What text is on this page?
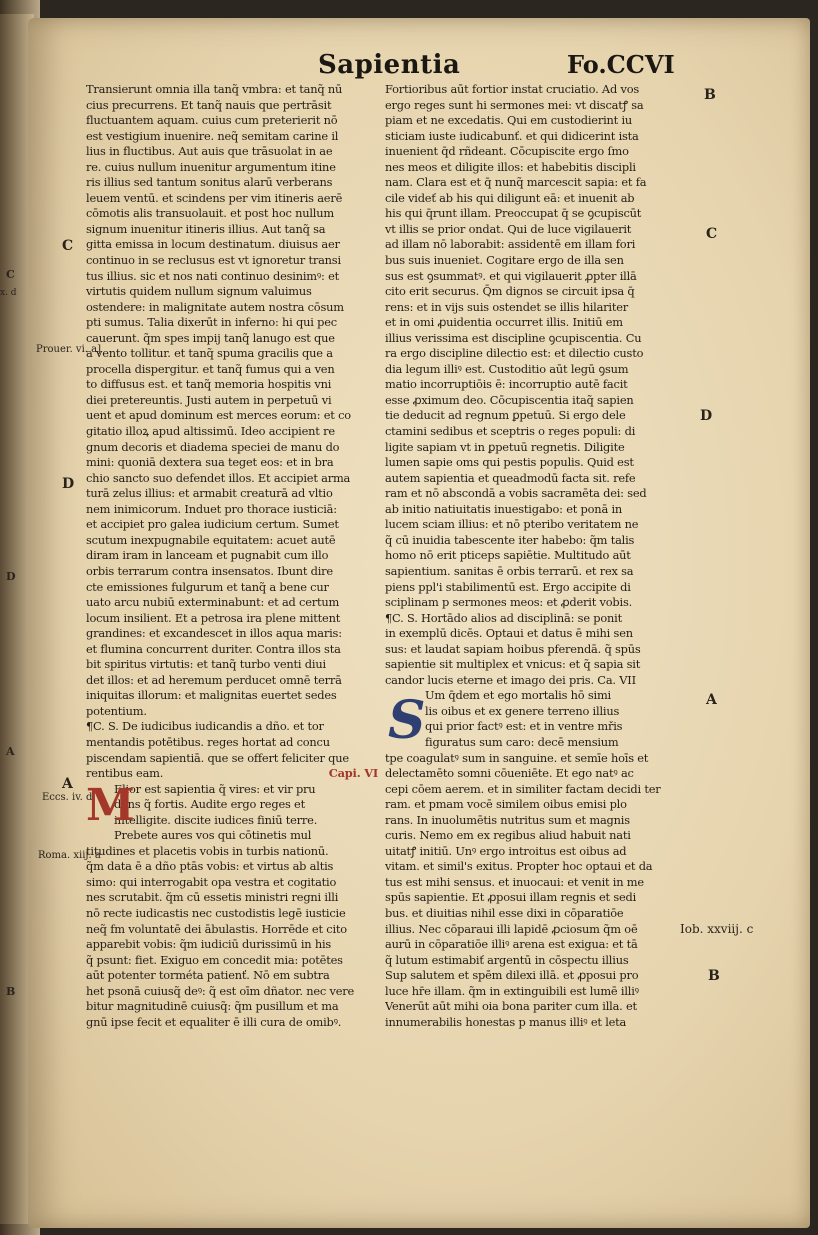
Sapientia	Fo.CCVI
Transierunt omnia illa tanq̃ vmbra: et tanq̃ nū
cius precurrens. Et tanq̃ nauis que pertrāsit
fluctuantem aquam. cuius cum preterierit nō
est vestigium inuenire. neq̃ semitam carine il
lius in fluctibus. Aut auis que trāsuolat in ae
re. cuius nullum inuenitur argumentum itine
ris illius sed tantum sonitus alarū verberans
leuem ventū. et scindens per vim itineris aerē
cōmotis alis transuolauit. et post hoc nullum
signum inuenitur itineris illius. Aut tanq̃ sa
gitta emissa in locum destinatum. diuisus aer
continuo in se reclusus est vt ignoretur transi
tus illius. sic et nos nati continuo desinimꝰ: et
virtutis quidem nullum signum valuimus
ostendere: in malignitate autem nostra cōsum
pti sumus. Talia dixerūt in inferno: hi qui pec
cauerunt. q̃m spes impij tanq̃ lanugo est que
a vento tollitur. et tanq̃ spuma gracilis que a
procella dispergitur. et tanq̃ fumus qui a ven
to diffusus est. et tanq̃ memoria hospitis vni
diei pretereuntis. Justi autem in perpetuū vi
uent et apud dominum est merces eorum: et co
gitatio illoꝝ apud altissimū. Ideo accipient re
gnum decoris et diadema speciei de manu do
mini: quoniā dextera sua teget eos: et in bra
chio sancto suo defendet illos. Et accipiet arma
turā zelus illius: et armabit creaturā ad vltio
nem inimicorum. Induet pro thorace iusticiā:
et accipiet pro galea iudicium certum. Sumet
scutum inexpugnabile equitatem: acuet autē
diram iram in lanceam et pugnabit cum illo
orbis terrarum contra insensatos. Ibunt dire
cte emissiones fulgurum et tanq̃ a bene cur
uato arcu nubiū exterminabunt: et ad certum
locum insilient. Et a petrosa ira plene mittent
grandines: et excandescet in illos aqua maris:
et flumina concurrent duriter. Contra illos sta
bit spiritus virtutis: et tanq̃ turbo venti diui
det illos: et ad heremum perducet omnē terrā
iniquitas illorum: et malignitas euertet sedes
potentium.
¶C. S. De iudicibus iudicandis a dño. et tor
mentandis potētibus. reges hortat ad concu
piscendam sapientiā. que se offert feliciter que
rentibus eam.	Capi. VI
Elior est sapientia q̃ vires: et vir pru
dens q̃ fortis. Audite ergo reges et
intelligite. discite iudices finiū terre.
Prebete aures vos qui cōtinetis mul
titudines et placetis vobis in turbis nationū.
q̃m data ē a dño ptās vobis: et virtus ab altis
simo: qui interrogabit opa vestra et cogitatio
nes scrutabit. q̃m cū essetis ministri regni illi
nō recte iudicastis nec custodistis legē iusticie
neq̃ fm voluntatē dei ābulastis. Horrēde et cito
apparebit vobis: q̃m iudiciū durissimū in his
q̃ psunt: fiet. Exiguo em concedit mia: potētes
aūt potenter torméta patienť. Nō em subtra
het psonā cuiusq̃ deꝰ: q̃ est oīm dñator. nec vere
bitur magnitudinē cuiusq̃: q̃m pusillum et ma
gnū ipse fecit et equaliter ē illi cura de omibꝰ.
Fortioribus aūt fortior instat cruciatio. Ad vos
ergo reges sunt hi sermones mei: vt discatꝭ sa
piam et ne excedatis. Qui em custodierint iu
sticiam iuste iudicabunť. et qui didicerint ista
inuenient q̄d rñdeant. Cōcupiscite ergo ſmo
nes meos et diligite illos: et habebitis discipli
nam. Clara est et q̄ nunq̃ marcescit sapia: et fa
cile videť ab his qui diligunt eā: et inuenit ab
his qui q̄runt illam. Preoccupat q̄ se ꝯcupiscūt
vt illis se prior ondat. Qui de luce vigilauerit
ad illam nō laborabit: assidentē em illam fori
bus suis inueniet. Cogitare ergo de illa sen
sus est ꝯsummatꝰ. et qui vigilauerit ꝓpter illā
cito erit securus. Q̄m dignos se circuit ipsa q̄
rens: et in vijs suis ostendet se illis hilariter
et in omi ꝓuidentia occurret illis. Initiū em
illius verissima est discipline ꝯcupiscentia. Cu
ra ergo discipline dilectio est: et dilectio custo
dia legum illiꝰ est. Custoditio aūt legū ꝯsum
matio incorruptiōis ē: incorruptio autē facit
esse ꝓximum deo. Cōcupiscentia itaq̃ sapien
tie deducit ad regnum ꝑpetuū. Si ergo dele
ctamini sedibus et sceptris o reges populi: di
ligite sapiam vt in ꝑpetuū regnetis. Diligite
lumen sapie oms qui pestis populis. Quid est
autem sapientia et queadmodū facta sit. refe
ram et nō abscondā a vobis sacramēta dei: sed
ab initio natiuitatis inuestigabo: et ponā in
lucem sciam illius: et nō pteribo veritatem ne
q̃ cū inuidia tabescente iter habebo: q̃m talis
homo nō erit pticeps sapiētie. Multitudo aūt
sapientium. sanitas ē orbis terrarū. et rex sa
piens ppl'i stabilimentū est. Ergo accipite di
sciplinam p sermones meos: et ꝓderit vobis.
¶C. S. Hortādo alios ad disciplinā: se ponit
in exemplū dicēs. Optaui et datus ē mihi sen
sus: et laudat sapiam hoibus pferendā. q̃ spūs
sapientie sit multiplex et vnicus: et q̃ sapia sit
candor lucis eterne et imago dei pris. Ca. VII
Um q̄dem et ego mortalis hō simi
lis oibus et ex genere terreno illius
qui prior factꝰ est: et in ventre mřis
figuratus sum caro: decē mensium
tpe coagulatꝰ sum in sanguine. et semīe hoīs et
delectamēto somni cōueniēte. Et ego natꝰ ac
cepi cōem aerem. et in similiter factam decidi ter
ram. et pmam vocē similem oibus emisi plo
rans. In inuolumētis nutritus sum et magnis
curis. Nemo em ex regibus aliud habuit nati
uitatꝭ initiū. Unꝰ ergo introitus est oibus ad
vitam. et simil's exitus. Propter hoc optaui et da
tus est mihi sensus. et inuocaui: et venit in me
spūs sapientie. Et ꝓposui illam regnis et sedi
bus. et diuitias nihil esse dixi in cōparatiōe
illius. Nec cōparaui illi lapidē ꝓciosum q̃m oē
aurū in cōparatiōe illiꝰ arena est exigua: et tā
q̃ lutum estimabiť argentū in cōspectu illius
Sup salutem et spēm dilexi illā. et ꝓposui pro
luce hr̄e illam. q̃m in extinguibili est lumē illiꝰ
Venerūt aūt mihi oia bona pariter cum illa. et
innumerabilis honestas p manus illiꝰ et leta
M
S
C
x. d
D
A
B
C
Prouer. vi. a]
D
A
Eccs. iv. d
Roma. xiij. a
B
C
D
A
Iob. xxviij. c
B
